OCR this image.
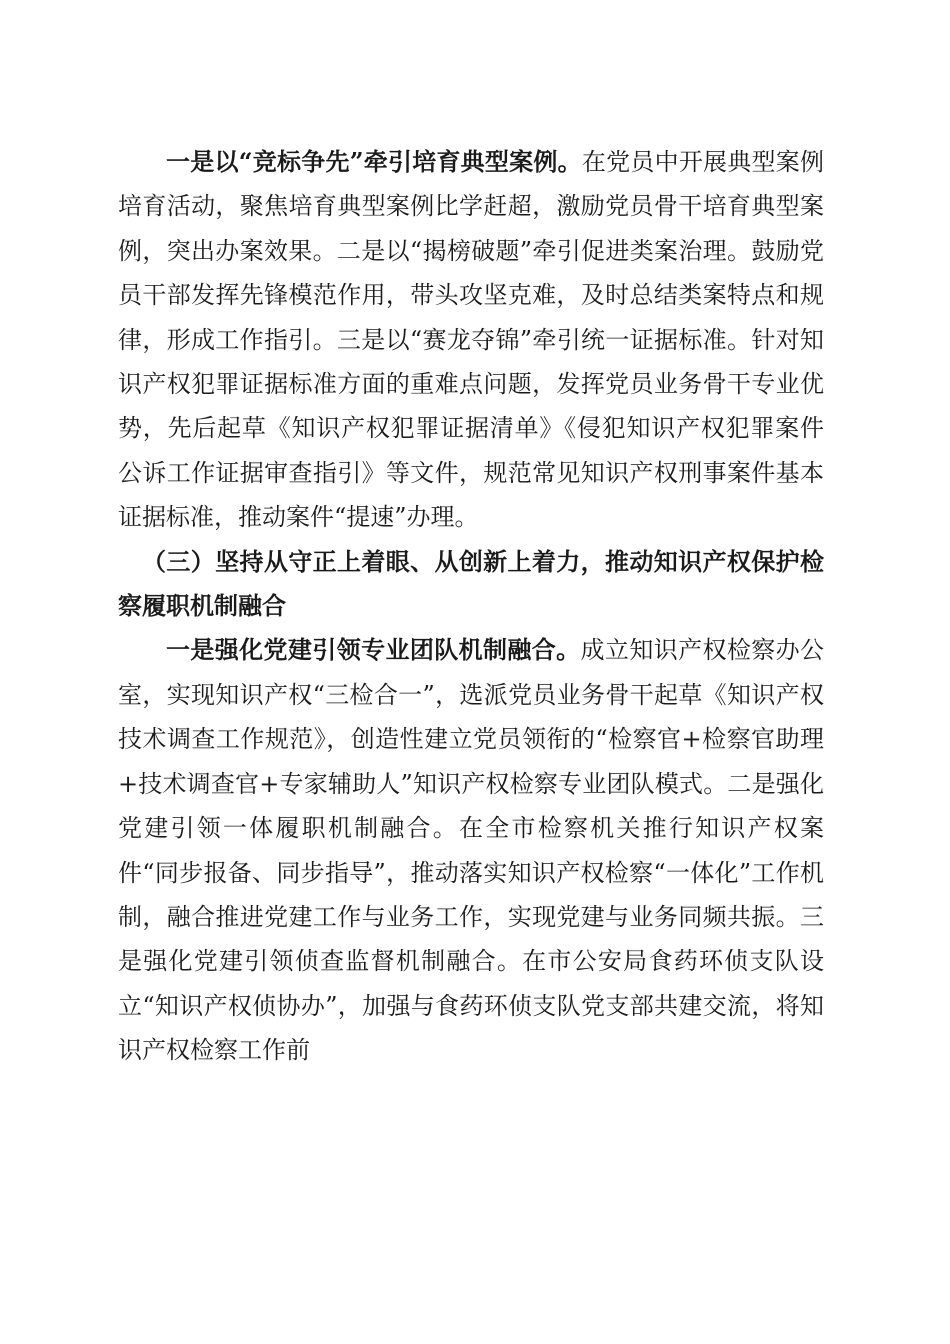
一是以“竞标争先”牵引培育典型案例。在党员中开展典型案例培育活动，聚焦培育典型案例比学赶超，激励党员骨干培育典型案例，突出办案效果。二是以“揭榜破题”牵引促进类案治理。鼓励党员干部发挥先锋模范作用，带头攻坚克难，及时总结类案特点和规律，形成工作指引。三是以“赛龙夺锦”牵引统一证据标准。针对知识产权犯罪证据标准方面的重难点问题，发挥党员业务骨干专业优势，先后起草《知识产权犯罪证据清单》《侵犯知识产权犯罪案件公诉工作证据审查指引》等文件，规范常见知识产权刑事案件基本证据标准，推动案件“提速”办理。

（三）坚持从守正上着眼、从创新上着力，推动知识产权保护检察履职机制融合

一是强化党建引领专业团队机制融合。成立知识产权检察办公室，实现知识产权“三检合一”，选派党员业务骨干起草《知识产权技术调查工作规范》，创造性建立党员领衔的“检察官+检察官助理+技术调查官+专家辅助人”知识产权检察专业团队模式。二是强化党建引领一体履职机制融合。在全市检察机关推行知识产权案件“同步报备、同步指导”，推动落实知识产权检察“一体化”工作机制，融合推进党建工作与业务工作，实现党建与业务同频共振。三是强化党建引领侦查监督机制融合。在市公安局食药环侦支队设立“知识产权侦协办”，加强与食药环侦支队党支部共建交流，将知识产权检察工作前
